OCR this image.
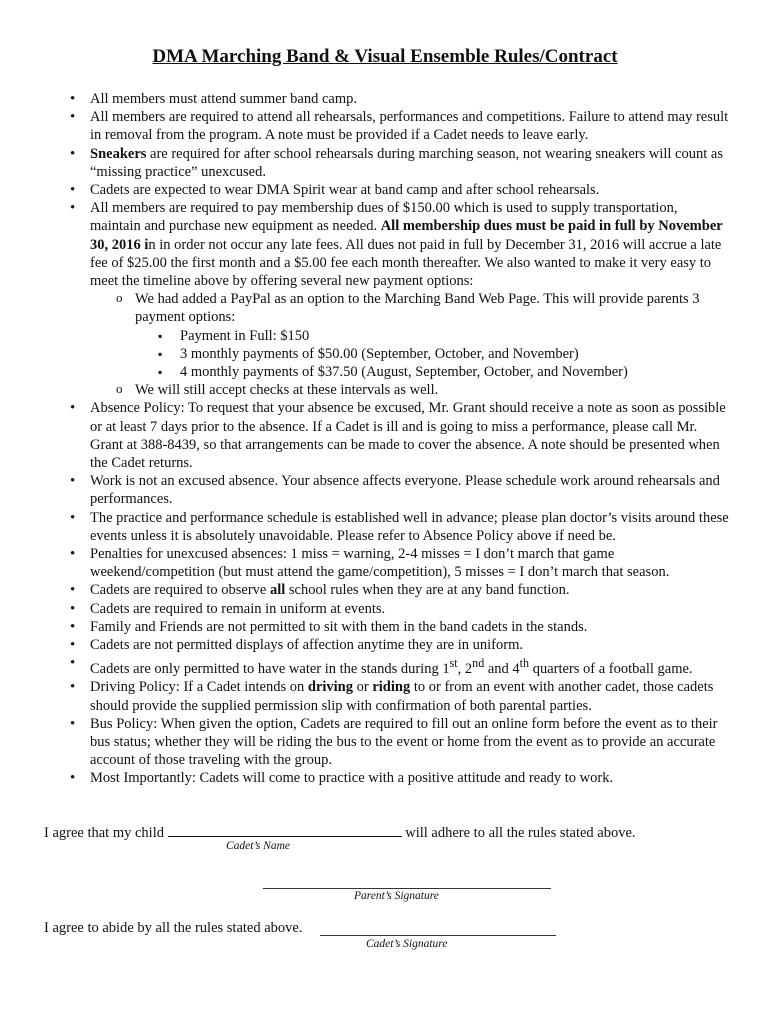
DMA Marching Band & Visual Ensemble Rules/Contract
• All members must attend summer band camp.
• All members are required to attend all rehearsals, performances and competitions. Failure to attend may result in removal from the program. A note must be provided if a Cadet needs to leave early.
• Sneakers are required for after school rehearsals during marching season, not wearing sneakers will count as “missing practice” unexcused.
• Cadets are expected to wear DMA Spirit wear at band camp and after school rehearsals.
• All members are required to pay membership dues of $150.00 which is used to supply transportation, maintain and purchase new equipment as needed. All membership dues must be paid in full by November 30, 2016 in in order not occur any late fees. All dues not paid in full by December 31, 2016 will accrue a late fee of $25.00 the first month and a $5.00 fee each month thereafter. We also wanted to make it very easy to meet the timeline above by offering several new payment options:
o We had added a PayPal as an option to the Marching Band Web Page. This will provide parents 3 payment options:
▪ Payment in Full: $150
▪ 3 monthly payments of $50.00 (September, October, and November)
▪ 4 monthly payments of $37.50 (August, September, October, and November)
o We will still accept checks at these intervals as well.
• Absence Policy: To request that your absence be excused, Mr. Grant should receive a note as soon as possible or at least 7 days prior to the absence. If a Cadet is ill and is going to miss a performance, please call Mr. Grant at 388-8439, so that arrangements can be made to cover the absence. A note should be presented when the Cadet returns.
• Work is not an excused absence. Your absence affects everyone. Please schedule work around rehearsals and performances.
• The practice and performance schedule is established well in advance; please plan doctor’s visits around these events unless it is absolutely unavoidable. Please refer to Absence Policy above if need be.
• Penalties for unexcused absences: 1 miss = warning, 2-4 misses = I don’t march that game weekend/competition (but must attend the game/competition), 5 misses = I don’t march that season.
• Cadets are required to observe all school rules when they are at any band function.
• Cadets are required to remain in uniform at events.
• Family and Friends are not permitted to sit with them in the band cadets in the stands.
• Cadets are not permitted displays of affection anytime they are in uniform.
• Cadets are only permitted to have water in the stands during 1st, 2nd and 4th quarters of a football game.
• Driving Policy: If a Cadet intends on driving or riding to or from an event with another cadet, those cadets should provide the supplied permission slip with confirmation of both parental parties.
• Bus Policy: When given the option, Cadets are required to fill out an online form before the event as to their bus status; whether they will be riding the bus to the event or home from the event as to provide an accurate account of those traveling with the group.
• Most Importantly: Cadets will come to practice with a positive attitude and ready to work.
I agree that my child	will adhere to all the rules stated above.
Cadet’s Name
Parent’s Signature
I agree to abide by all the rules stated above.
Cadet’s Signature
